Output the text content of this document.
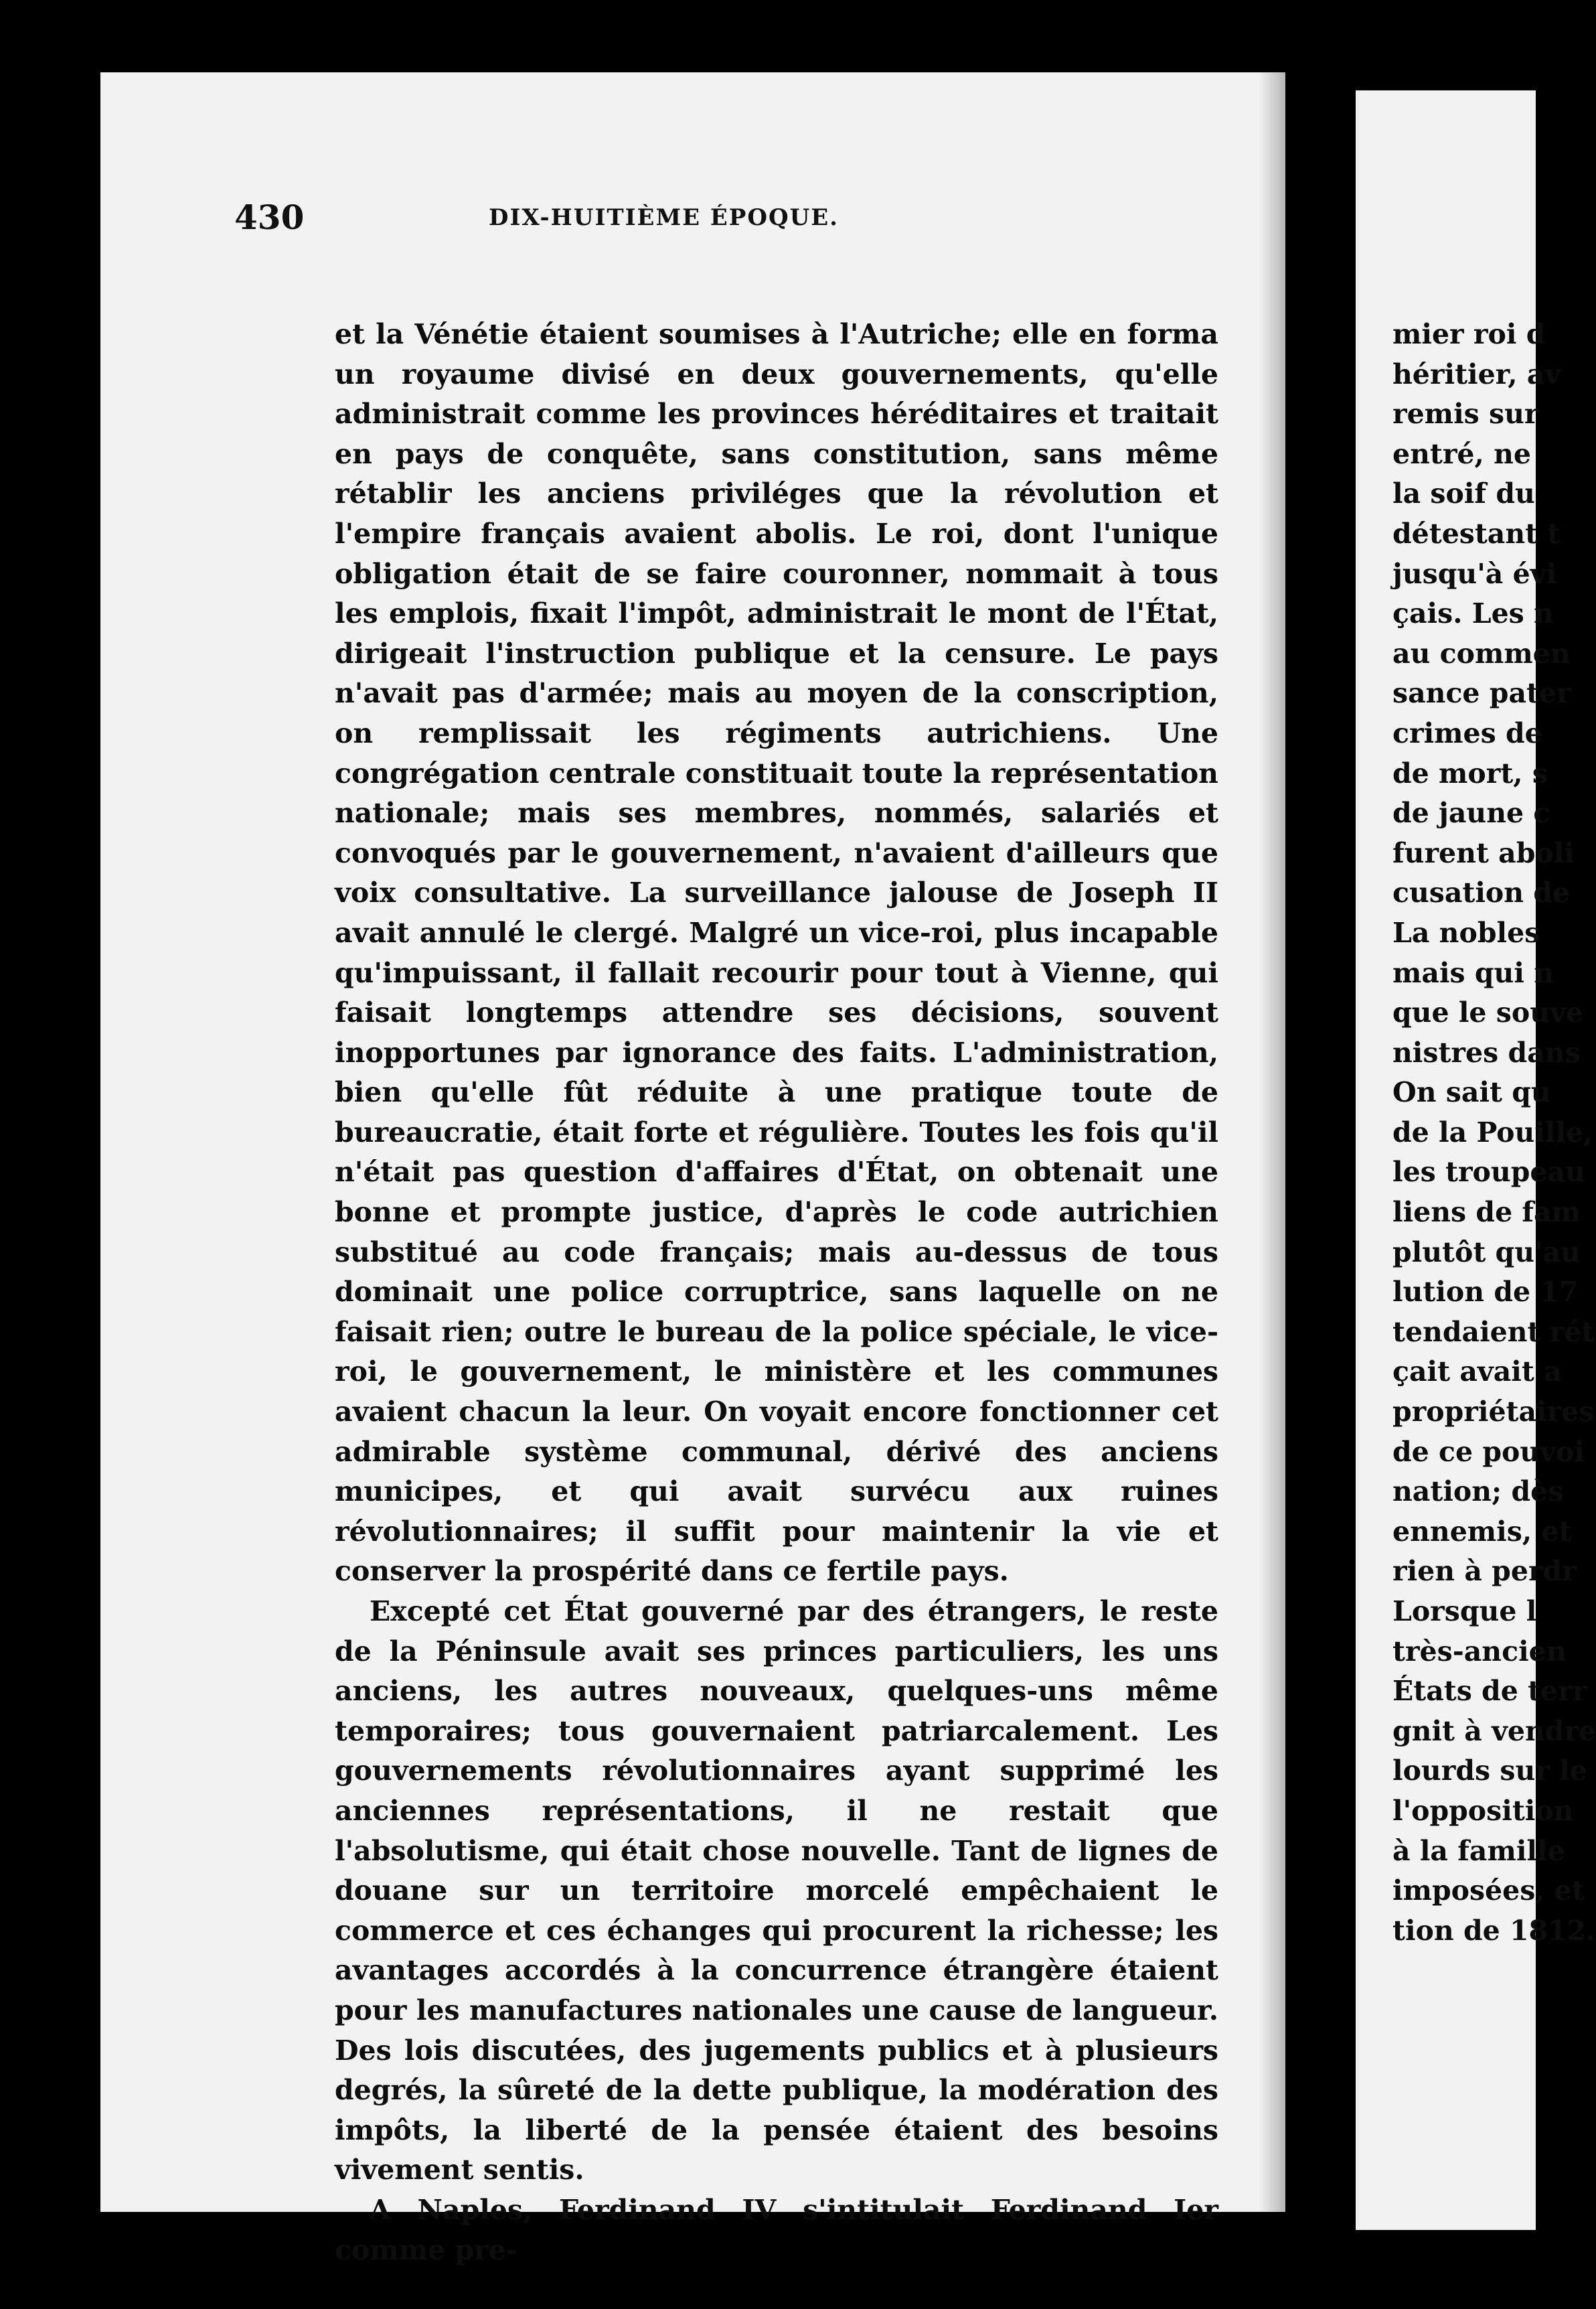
430	DIX-HUITIÈME ÉPOQUE.

et la Vénétie étaient soumises à l'Autriche; elle en forma un royaume divisé en deux gouvernements, qu'elle administrait comme les provinces héréditaires et traitait en pays de conquête, sans constitution, sans même rétablir les anciens priviléges que la révolution et l'empire français avaient abolis. Le roi, dont l'unique obligation était de se faire couronner, nommait à tous les emplois, fixait l'impôt, administrait le mont de l'État, dirigeait l'instruction publique et la censure. Le pays n'avait pas d'armée; mais au moyen de la conscription, on remplissait les régiments autrichiens. Une congrégation centrale constituait toute la représentation nationale; mais ses membres, nommés, salariés et convoqués par le gouvernement, n'avaient d'ailleurs que voix consultative. La surveillance jalouse de Joseph II avait annulé le clergé. Malgré un vice-roi, plus incapable qu'impuissant, il fallait recourir pour tout à Vienne, qui faisait longtemps attendre ses décisions, souvent inopportunes par ignorance des faits. L'administration, bien qu'elle fût réduite à une pratique toute de bureaucratie, était forte et régulière. Toutes les fois qu'il n'était pas question d'affaires d'État, on obtenait une bonne et prompte justice, d'après le code autrichien substitué au code français; mais au-dessus de tous dominait une police corruptrice, sans laquelle on ne faisait rien; outre le bureau de la police spéciale, le vice-roi, le gouvernement, le ministère et les communes avaient chacun la leur. On voyait encore fonctionner cet admirable système communal, dérivé des anciens municipes, et qui avait survécu aux ruines révolutionnaires; il suffit pour maintenir la vie et conserver la prospérité dans ce fertile pays.

Excepté cet État gouverné par des étrangers, le reste de la Péninsule avait ses princes particuliers, les uns anciens, les autres nouveaux, quelques-uns même temporaires; tous gouvernaient patriarcalement. Les gouvernements révolutionnaires ayant supprimé les anciennes représentations, il ne restait que l'absolutisme, qui était chose nouvelle. Tant de lignes de douane sur un territoire morcelé empêchaient le commerce et ces échanges qui procurent la richesse; les avantages accordés à la concurrence étrangère étaient pour les manufactures nationales une cause de langueur. Des lois discutées, des jugements publics et à plusieurs degrés, la sûreté de la dette publique, la modération des impôts, la liberté de la pensée étaient des besoins vivement sentis.

A Naples, Ferdinand IV s'intitulait Ferdinand Ier comme pre-

mier roi d
héritier, av
remis sur
entré, ne
la soif du
détestant t
jusqu'à évi
çais. Les n
au commen
sance pater
crimes de
de mort, s
de jaune c
furent aboli
cusation de
La nobles
mais qui n
que le souve
nistres dans
On sait qu
de la Pouille,
les troupeau
liens de fam
plutôt qu'au
lution de 17
tendaient rét
çait avait a
propriétaires
de ce pouvoi
nation; dès
ennemis, et
rien à perdr
Lorsque l
très-ancien
États de terr
gnit à vendre
lourds sur le
l'opposition
à la famille
imposées, et
tion de 1812.
